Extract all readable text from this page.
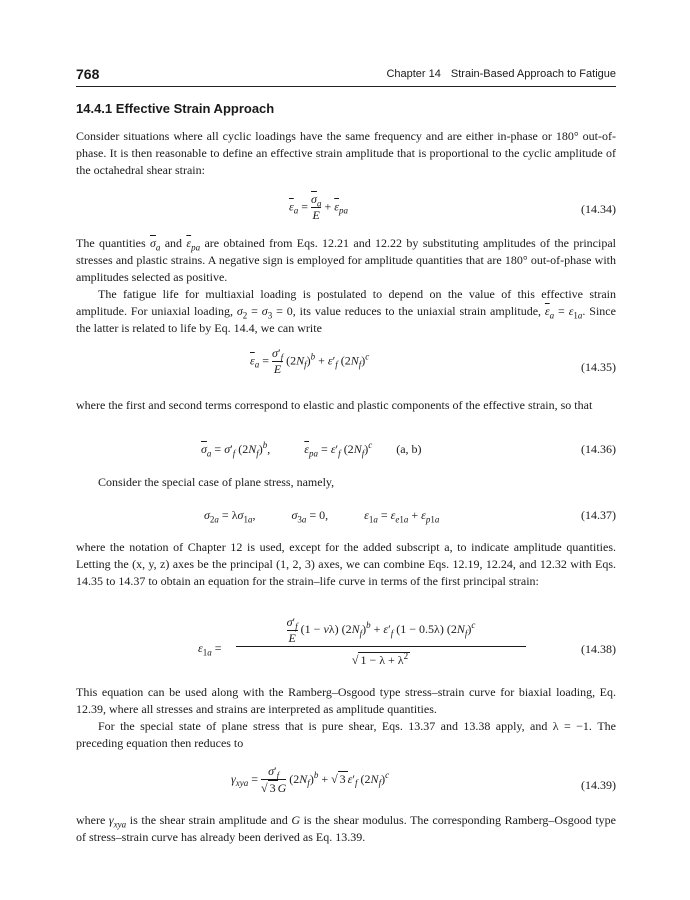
768	Chapter 14 Strain-Based Approach to Fatigue
14.4.1 Effective Strain Approach
Consider situations where all cyclic loadings have the same frequency and are either in-phase or 180° out-of-phase. It is then reasonable to define an effective strain amplitude that is proportional to the cyclic amplitude of the octahedral shear strain:
$\overline{\varepsilon}_a = \frac{\overline{\sigma}_a}{E} + \overline{\varepsilon}_{pa}$	(14.34)
The quantities $\overline{\sigma}_a$ and $\overline{\varepsilon}_{pa}$ are obtained from Eqs. 12.21 and 12.22 by substituting amplitudes of the principal stresses and plastic strains. A negative sign is employed for amplitude quantities that are 180° out-of-phase with amplitudes selected as positive.
The fatigue life for multiaxial loading is postulated to depend on the value of this effective strain amplitude. For uniaxial loading, $\sigma_2 = \sigma_3 = 0$, its value reduces to the uniaxial strain amplitude, $\overline{\varepsilon}_a = \varepsilon_{1a}$. Since the latter is related to life by Eq. 14.4, we can write
$\overline{\varepsilon}_a = \frac{\sigma'_f}{E} (2N_f)^b + \varepsilon'_f$ $(2N_f)^c$
(14.35)
where the first and second terms correspond to elastic and plastic components of the effective strain, so that
$\overline{\sigma}_a = \sigma'_f$ $(2N_f)^b$,	$\overline{\varepsilon}_{pa} = \varepsilon'_f$ $(2N_f)^c$ (a, b)	(14.36)
Consider the special case of plane stress, namely,
$\sigma_{2a} = \lambda\sigma_{1a}$,	$\sigma_{3a} = 0$,	$\varepsilon_{1a} = \varepsilon_{e1a} + \varepsilon_{p1a}$	(14.37)
where the notation of Chapter 12 is used, except for the added subscript a, to indicate amplitude quantities. Letting the (x, y, z) axes be the principal (1, 2, 3) axes, we can combine Eqs. 12.19, 12.24, and 12.32 with Eqs. 14.35 to 14.37 to obtain an equation for the strain–life curve in terms of the first principal strain:
$\varepsilon_{1a}$ =
$\frac{\sigma'_f}{E} (1 - \nu\lambda) (2N_f)^b + \varepsilon'_f$ (1 − 0.5λ) $(2N_f)^c$
√ $1 - \lambda + \lambda^2$	(14.38)
This equation can be used along with the Ramberg–Osgood type stress–strain curve for biaxial loading, Eq. 12.39, where all stresses and strains are interpreted as amplitude quantities.
For the special state of plane stress that is pure shear, Eqs. 13.37 and 13.38 apply, and λ = −1. The preceding equation then reduces to
$\gamma_{xya} = \frac{\sigma'_f}{√ 3 G} (2N_f)^b$ + √ 3 $\varepsilon'_f$ $(2N_f)^c$
(14.39)
where $\gamma_{xya}$ is the shear strain amplitude and G is the shear modulus. The corresponding Ramberg–Osgood type of stress–strain curve has already been derived as Eq. 13.39.
